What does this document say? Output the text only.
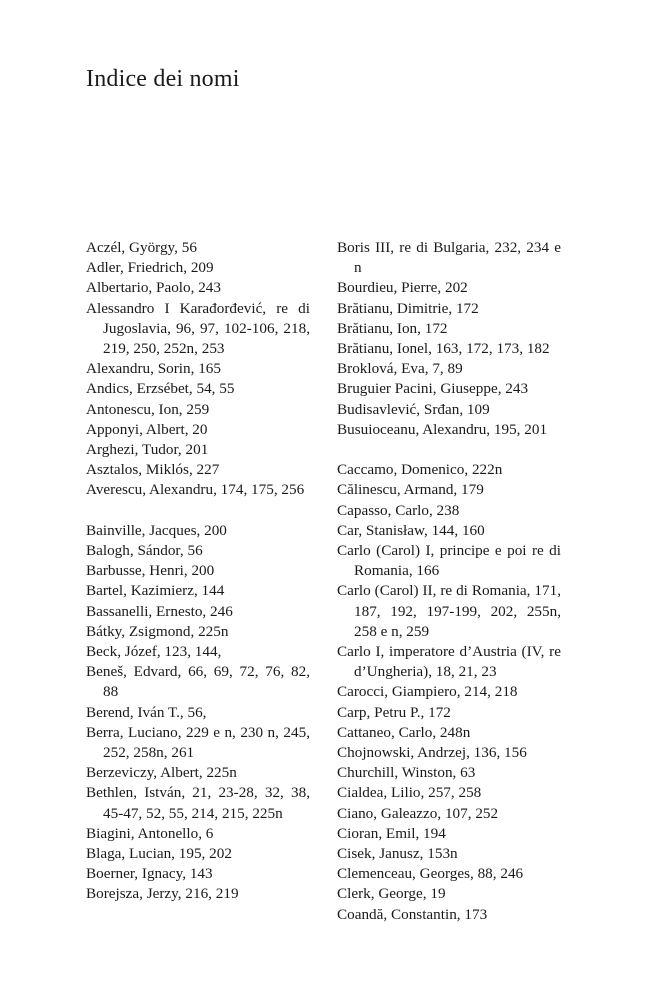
Indice dei nomi
Aczél, György, 56
Adler, Friedrich, 209
Albertario, Paolo, 243
Alessandro I Karađorđević, re di Jugoslavia, 96, 97, 102-106, 218, 219, 250, 252n, 253
Alexandru, Sorin, 165
Andics, Erzsébet, 54, 55
Antonescu, Ion, 259
Apponyi, Albert, 20
Arghezi, Tudor, 201
Asztalos, Miklós, 227
Averescu, Alexandru, 174, 175, 256
Bainville, Jacques, 200
Balogh, Sándor, 56
Barbusse, Henri, 200
Bartel, Kazimierz, 144
Bassanelli, Ernesto, 246
Bátky, Zsigmond, 225n
Beck, Józef, 123, 144,
Beneš, Edvard, 66, 69, 72, 76, 82, 88
Berend, Iván T., 56,
Berra, Luciano, 229 e n, 230 n, 245, 252, 258n, 261
Berzeviczy, Albert, 225n
Bethlen, István, 21, 23-28, 32, 38, 45-47, 52, 55, 214, 215, 225n
Biagini, Antonello, 6
Blaga, Lucian, 195, 202
Boerner, Ignacy, 143
Borejsza, Jerzy, 216, 219
Boris III, re di Bulgaria, 232, 234 e n
Bourdieu, Pierre, 202
Brătianu, Dimitrie, 172
Brătianu, Ion, 172
Brătianu, Ionel, 163, 172, 173, 182
Broklová, Eva, 7, 89
Bruguier Pacini, Giuseppe, 243
Budisavlević, Srđan, 109
Busuioceanu, Alexandru, 195, 201
Caccamo, Domenico, 222n
Călinescu, Armand, 179
Capasso, Carlo, 238
Car, Stanisław, 144, 160
Carlo (Carol) I, principe e poi re di Romania, 166
Carlo (Carol) II, re di Romania, 171, 187, 192, 197-199, 202, 255n, 258 e n, 259
Carlo I, imperatore d’Austria (IV, re d’Ungheria), 18, 21, 23
Carocci, Giampiero, 214, 218
Carp, Petru P., 172
Cattaneo, Carlo, 248n
Chojnowski, Andrzej, 136, 156
Churchill, Winston, 63
Cialdea, Lilio, 257, 258
Ciano, Galeazzo, 107, 252
Cioran, Emil, 194
Cisek, Janusz, 153n
Clemenceau, Georges, 88, 246
Clerk, George, 19
Coandă, Constantin, 173
